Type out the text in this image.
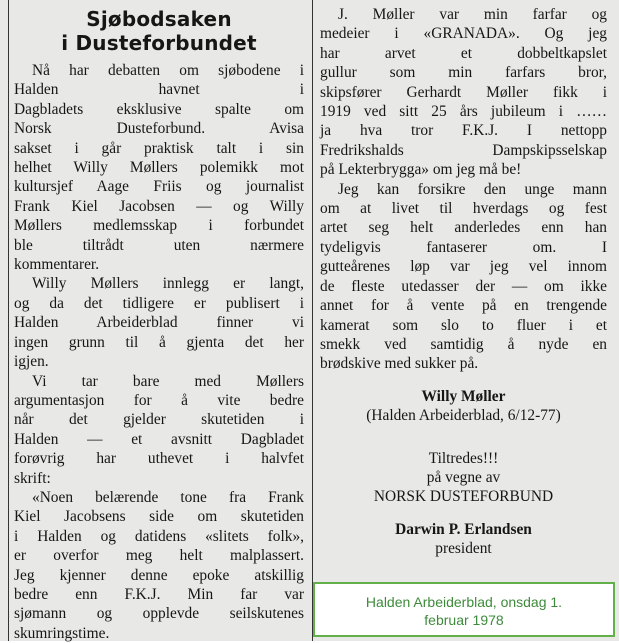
Sjøbodsaken
i Dusteforbundet

Nå har debatten om sjøbodene i
Halden havnet i
Dagbladets eksklusive spalte om
Norsk Dusteforbund. Avisa
sakset i går praktisk talt i sin
helhet Willy Møllers polemikk mot
kultursjef Aage Friis og journalist
Frank Kiel Jacobsen — og Willy
Møllers medlemsskap i forbundet
ble tiltrådt uten nærmere
kommentarer.

Willy Møllers innlegg er langt,
og da det tidligere er publisert i
Halden Arbeiderblad finner vi
ingen grunn til å gjenta det her
igjen.

Vi tar bare med Møllers
argumentasjon for å vite bedre
når det gjelder skutetiden i
Halden — et avsnitt Dagbladet
forøvrig har uthevet i halvfet
skrift:

«Noen belærende tone fra Frank
Kiel Jacobsens side om skutetiden
i Halden og datidens «slitets folk»,
er overfor meg helt malplassert.
Jeg kjenner denne epoke atskillig
bedre enn F.K.J. Min far var
sjømann og opplevde seilskutenes
skumringstime.

J. Møller var min farfar og
medeier i «GRANADA». Og jeg
har arvet et dobbeltkapslet
gullur som min farfars bror,
skipsfører Gerhardt Møller fikk i
1919 ved sitt 25 års jubileum i ……
ja hva tror F.K.J. I nettopp
Fredrikshalds Dampskipsselskap
på Lekterbrygga» om jeg må be!

Jeg kan forsikre den unge mann
om at livet til hverdags og fest
artet seg helt anderledes enn han
tydeligvis fantaserer om. I
gutteårenes løp var jeg vel innom
de fleste utedasser der — om ikke
annet for å vente på en trengende
kamerat som slo to fluer i et
smekk ved samtidig å nyde en
brødskive med sukker på.

Willy Møller
(Halden Arbeiderblad, 6/12-77)
Tiltredes!!!
på vegne av
NORSK DUSTEFORBUND
Darwin P. Erlandsen
president
Halden Arbeiderblad, onsdag 1.
februar 1978
